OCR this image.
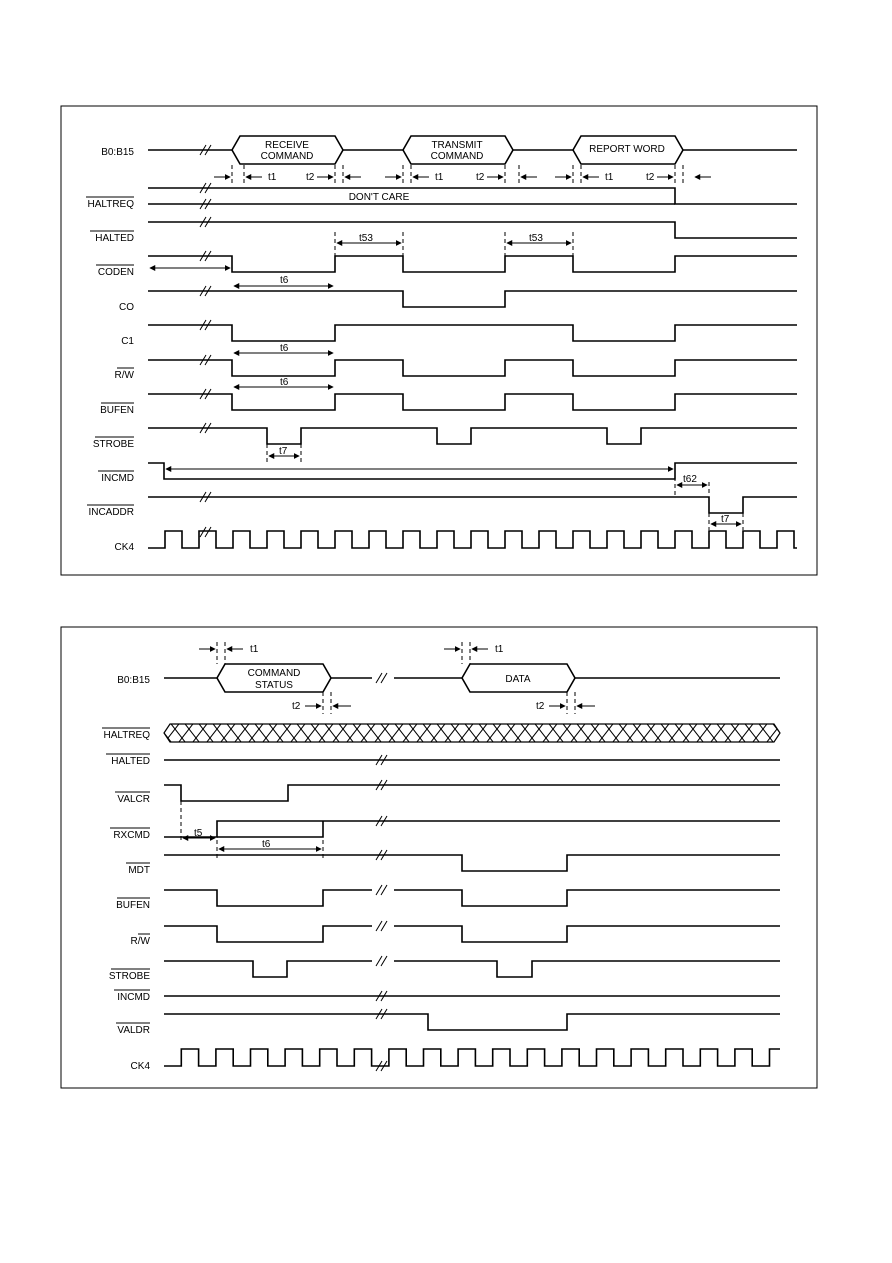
B0:B15
HALTREQ
HALTED
CODEN
CO
C1
R/W
BUFEN
STROBE
INCMD
INCADDR
CK4
RECEIVE
COMMAND
TRANSMIT
COMMAND
REPORT WORD
t1	t2	t1	t2	t1	t2
DON'T CARE
t53	t53
t6
t6
t6
t7
t62
t7
B0:B15
HALTREQ
HALTED
VALCR
RXCMD
MDT
BUFEN
R/W
STROBE
INCMD
VALDR
CK4
COMMAND
STATUS
DATA
t1	t1
t2	t2
t5
t6
